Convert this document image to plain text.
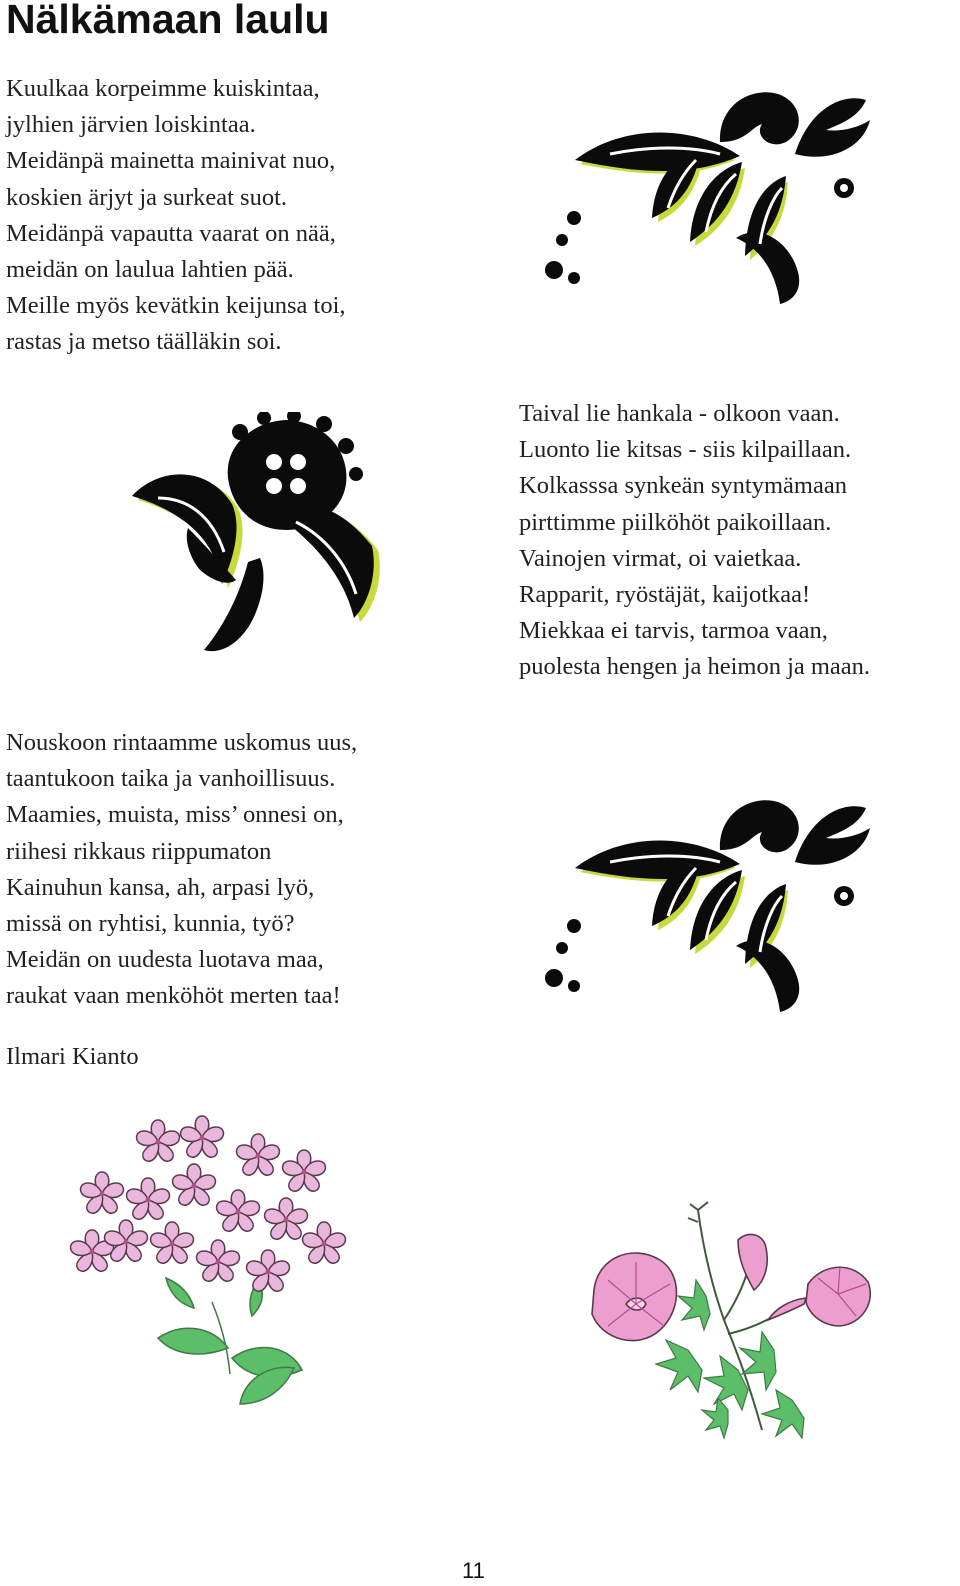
Nälkämaan laulu
Kuulkaa korpeimme kuiskintaa,
jylhien järvien loiskintaa.
Meidänpä mainetta mainivat nuo,
koskien ärjyt ja surkeat suot.
Meidänpä vapautta vaarat on nää,
meidän on laulua lahtien pää.
Meille myös kevätkin keijunsa toi,
rastas ja metso täälläkin soi.
Taival lie hankala - olkoon vaan.
Luonto lie kitsas - siis kilpaillaan.
Kolkasssa synkeän syntymämaan
pirttimme piilköhöt paikoillaan.
Vainojen virmat, oi vaietkaa.
Rapparit, ryöstäjät, kaijotkaa!
Miekkaa ei tarvis, tarmoa vaan,
puolesta hengen ja heimon ja maan.
Nouskoon rintaamme uskomus uus,
taantukoon taika ja vanhoillisuus.
Maamies, muista, miss’ onnesi on,
riihesi rikkaus riippumaton
Kainuhun kansa, ah, arpasi lyö,
missä on ryhtisi, kunnia, työ?
Meidän on uudesta luotava maa,
raukat vaan menköhöt merten taa!
Ilmari Kianto
11
